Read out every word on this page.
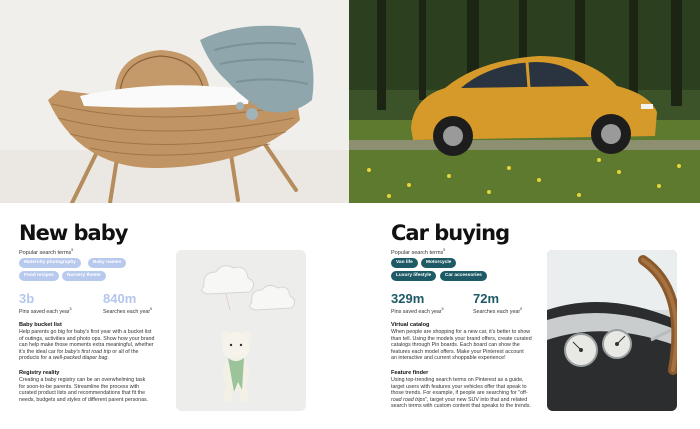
New baby
Popular search terms$^5$
Maternity photography	Baby names
Food recipes	Nursery theme
3b
Pins saved each year$^5$
840m
Searches each year$^5$
Baby bucket list
Help parents go big for baby's first year with a bucket list
of outings, activities and photo ops. Show how your brand
can help make those moments extra meaningful, whether
it's the ideal car for baby's first road trip or all of the
products for a well-packed diaper bag.
Registry reality
Creating a baby registry can be an overwhelming task
for soon-to-be parents. Streamline the process with
curated product lists and recommendations that fit the
needs, budgets and styles of different parent personas.
Car buying
Popular search terms$^5$
Van life	Motorcycle
Luxury lifestyle	Car accessories
329m
Pins saved each year$^5$
72m
Searches each year$^5$
Virtual catalog
When people are shopping for a new car, it's better to show
than tell. Using the models your brand offers, create curated
catalogs through Pin boards. Each board can show the
features each model offers. Make your Pinterest account
an interactive and current shoppable experience!
Feature finder
Using top-trending search terms on Pinterest as a guide,
target users with features your vehicles offer that speak to
those trends. For example, if people are searching for "off-
road road trips", target your new SUV into that and related
search terms with custom content that speaks to the trends.
